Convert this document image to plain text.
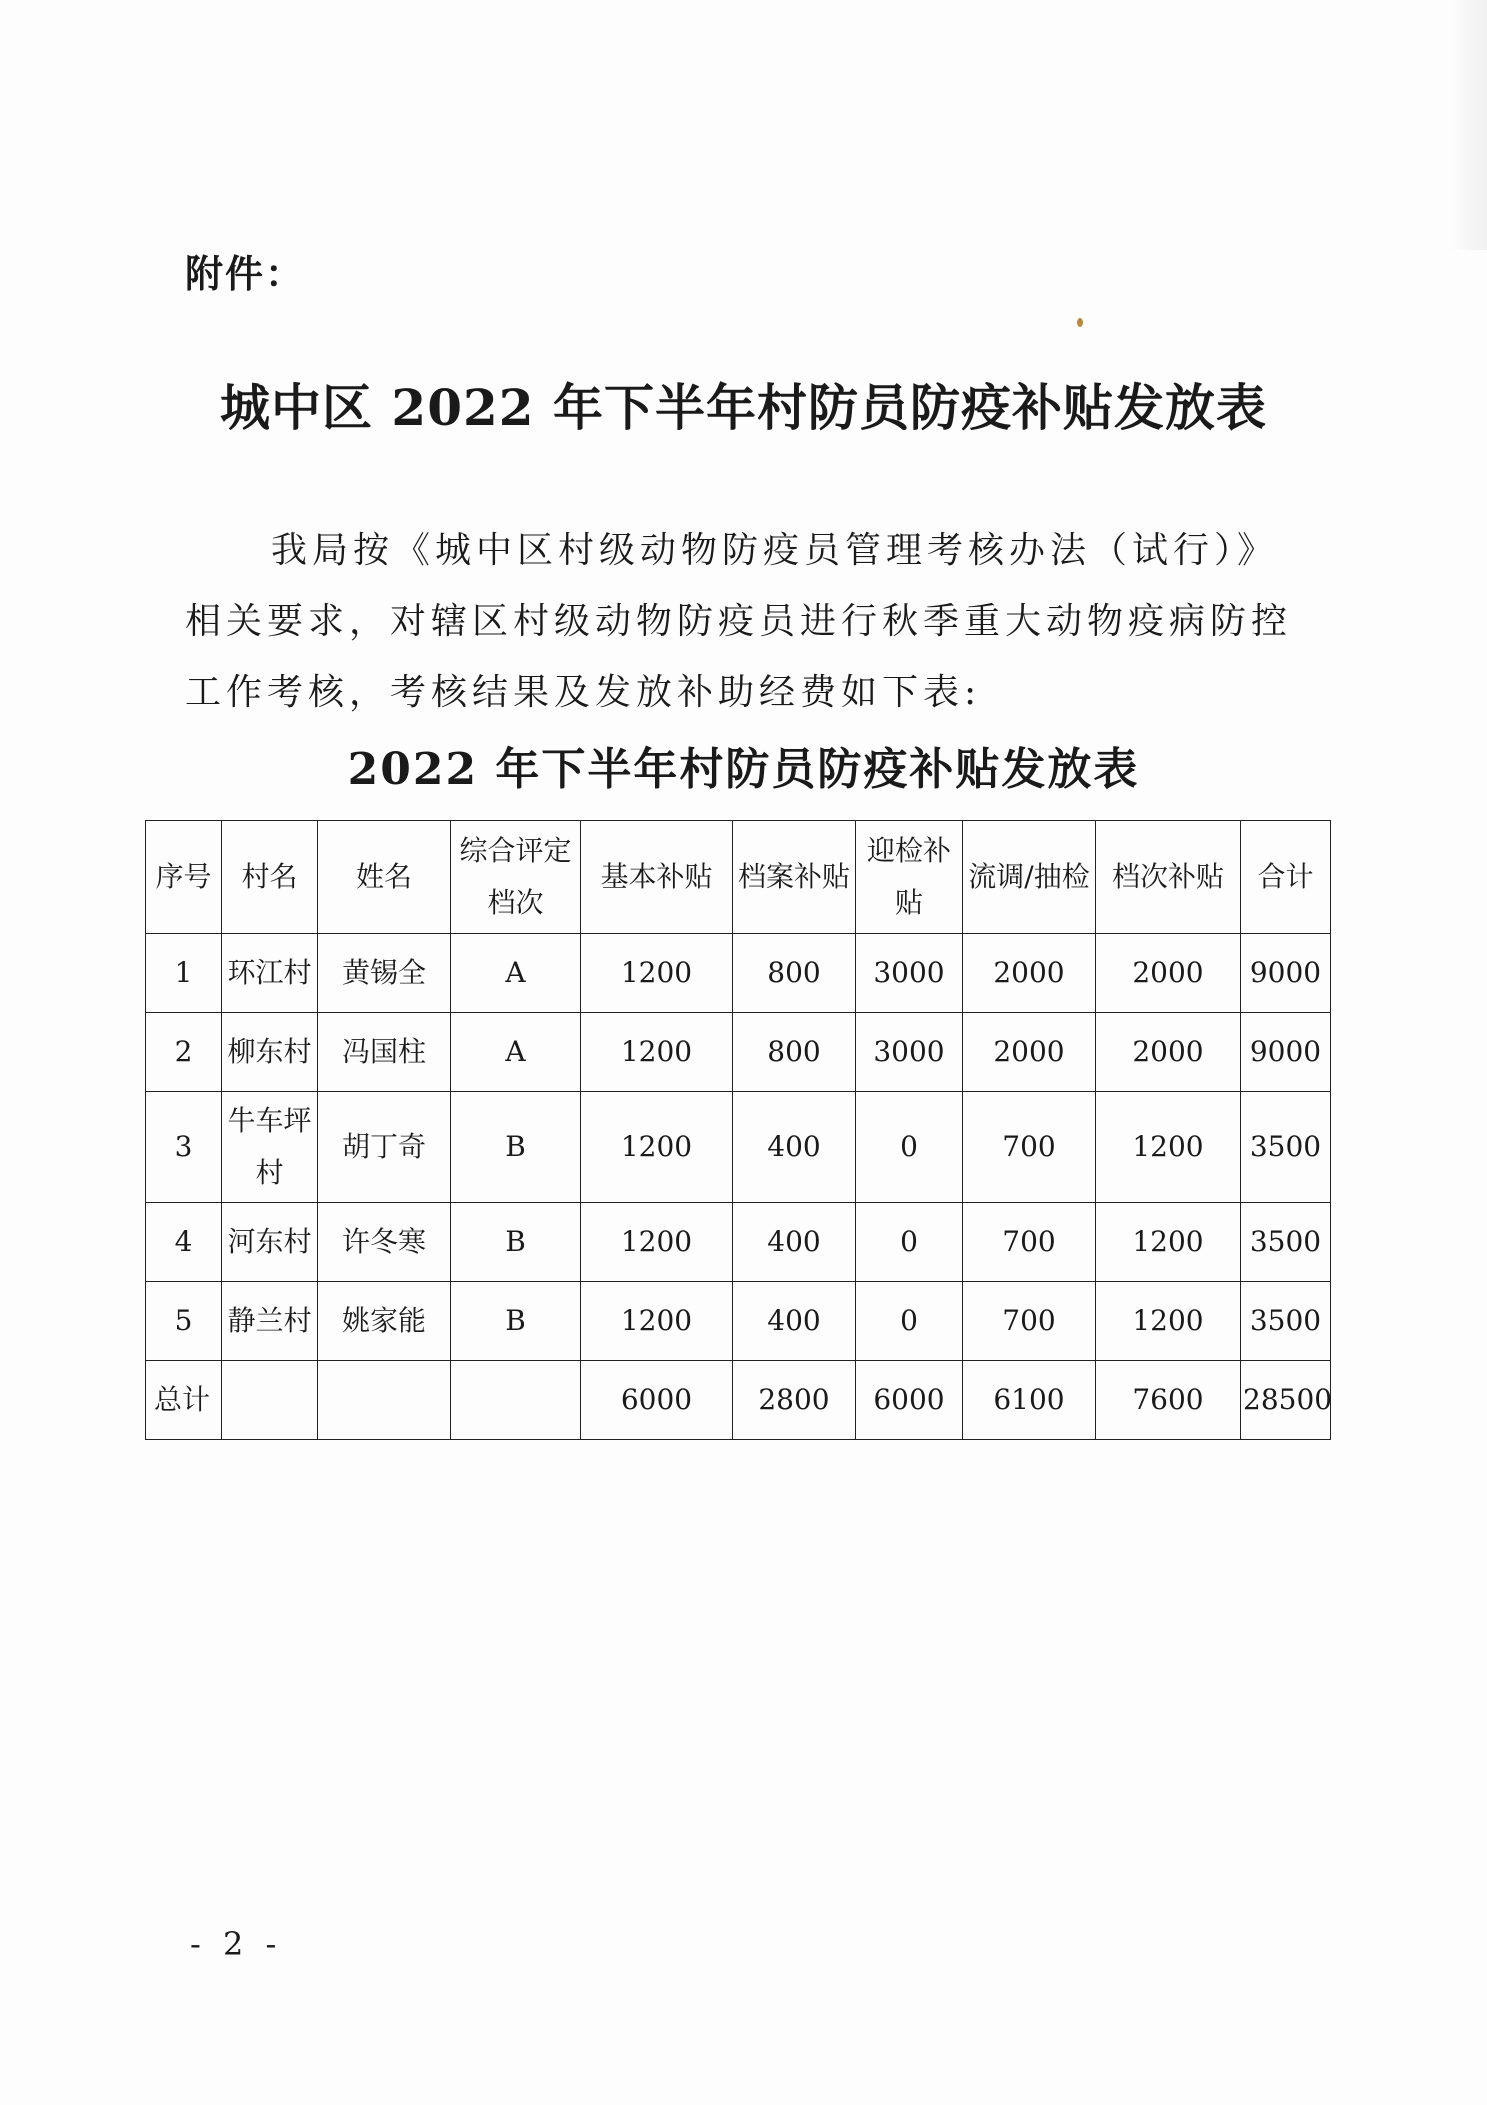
附件：
城中区 2022 年下半年村防员防疫补贴发放表

我局按《城中区村级动物防疫员管理考核办法（试行）》相关要求，对辖区村级动物防疫员进行秋季重大动物疫病防控工作考核，考核结果及发放补助经费如下表:

2022 年下半年村防员防疫补贴发放表
序号	村名	姓名	综合评定档次	基本补贴	档案补贴	迎检补贴	流调/抽检	档次补贴	合计
1	环江村	黄锡全	A	1200	800	3000	2000	2000	9000
2	柳东村	冯国柱	A	1200	800	3000	2000	2000	9000
3	牛车坪村	胡丁奇	B	1200	400	0	700	1200	3500
4	河东村	许冬寒	B	1200	400	0	700	1200	3500
5	静兰村	姚家能	B	1200	400	0	700	1200	3500
总计				6000	2800	6000	6100	7600	28500
- 2 -
